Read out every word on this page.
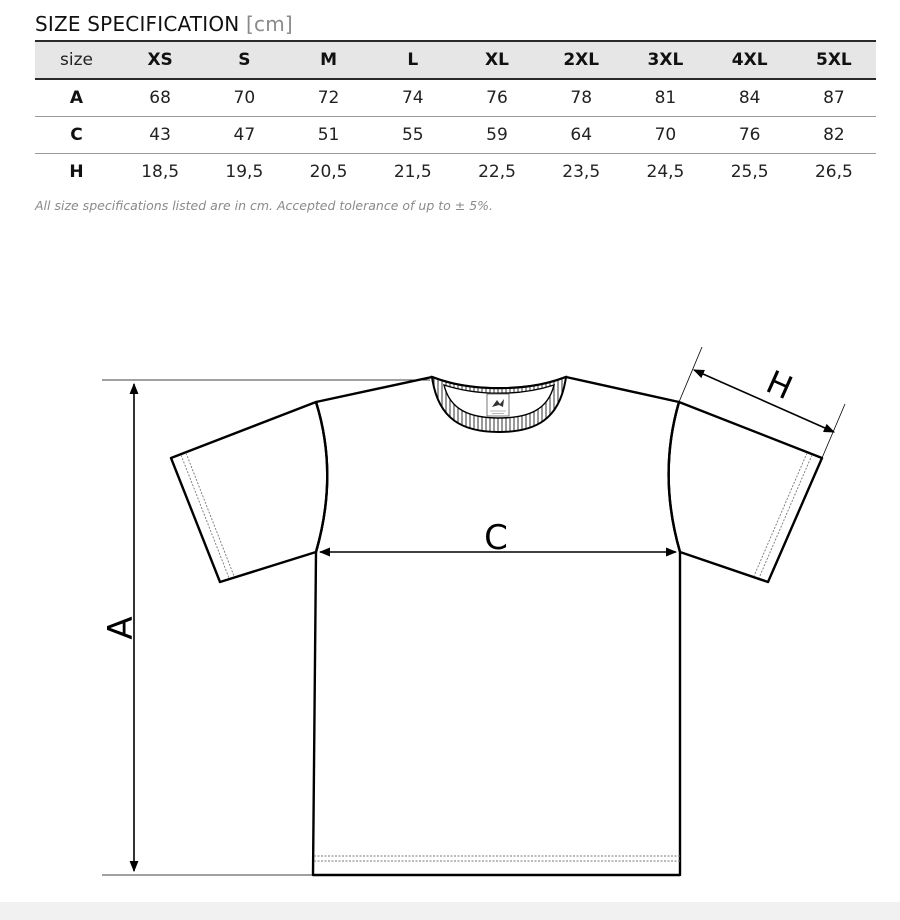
SIZE SPECIFICATION [cm]
size	XS	S	M	L	XL	2XL	3XL	4XL	5XL
A	68	70	72	74	76	78	81	84	87
C	43	47	51	55	59	64	70	76	82
H	18,5	19,5	20,5	21,5	22,5	23,5	24,5	25,5	26,5

All size specifications listed are in cm. Accepted tolerance of up to ± 5%.

A
C
H
